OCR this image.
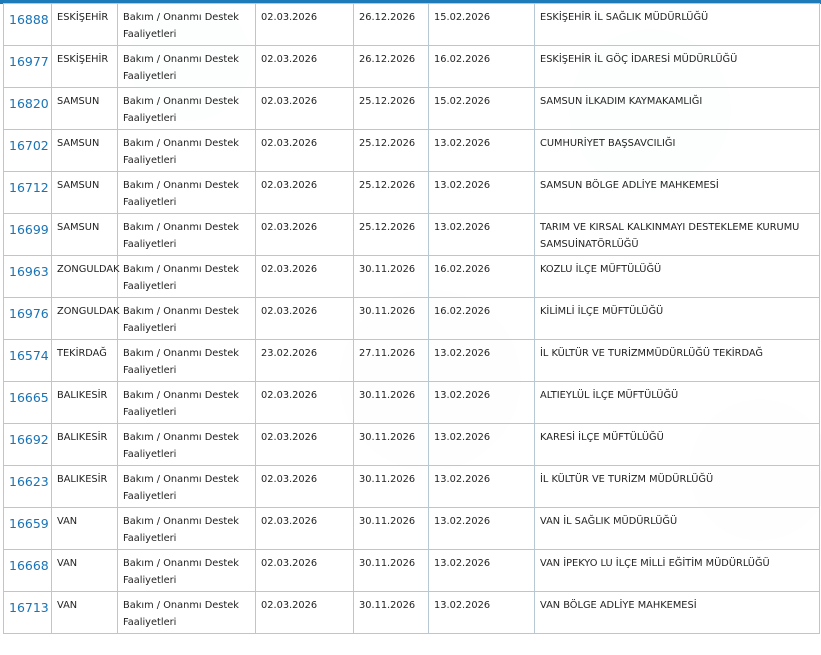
16888	ESKİŞEHİR	Bakım / Onanmı Destek Faaliyetleri	02.03.2026	26.12.2026	15.02.2026	ESKİŞEHİR İL SAĞLIK MÜDÜRLÜĞÜ
16977	ESKİŞEHİR	Bakım / Onanmı Destek Faaliyetleri	02.03.2026	26.12.2026	16.02.2026	ESKİŞEHİR İL GÖÇ İDARESİ MÜDÜRLÜĞÜ
16820	SAMSUN	Bakım / Onanmı Destek Faaliyetleri	02.03.2026	25.12.2026	15.02.2026	SAMSUN İLKADIM KAYMAKAMLIĞI
16702	SAMSUN	Bakım / Onanmı Destek Faaliyetleri	02.03.2026	25.12.2026	13.02.2026	CUMHURİYET BAŞSAVCILIĞI
16712	SAMSUN	Bakım / Onanmı Destek Faaliyetleri	02.03.2026	25.12.2026	13.02.2026	SAMSUN BÖLGE ADLİYE MAHKEMESİ
16699	SAMSUN	Bakım / Onanmı Destek Faaliyetleri	02.03.2026	25.12.2026	13.02.2026	TARIM VE KIRSAL KALKINMAYI DESTEKLEME KURUMU SAMSUİNATÖRLÜĞÜ
16963	ZONGULDAK	Bakım / Onanmı Destek Faaliyetleri	02.03.2026	30.11.2026	16.02.2026	KOZLU İLÇE MÜFTÜLÜĞÜ
16976	ZONGULDAK	Bakım / Onanmı Destek Faaliyetleri	02.03.2026	30.11.2026	16.02.2026	KİLİMLİ İLÇE MÜFTÜLÜĞÜ
16574	TEKİRDAĞ	Bakım / Onanmı Destek Faaliyetleri	23.02.2026	27.11.2026	13.02.2026	İL KÜLTÜR VE TURİZMMÜDÜRLÜĞÜ TEKİRDAĞ
16665	BALIKESİR	Bakım / Onanmı Destek Faaliyetleri	02.03.2026	30.11.2026	13.02.2026	ALTIEYLÜL İLÇE MÜFTÜLÜĞÜ
16692	BALIKESİR	Bakım / Onanmı Destek Faaliyetleri	02.03.2026	30.11.2026	13.02.2026	KARESİ İLÇE MÜFTÜLÜĞÜ
16623	BALIKESİR	Bakım / Onanmı Destek Faaliyetleri	02.03.2026	30.11.2026	13.02.2026	İL KÜLTÜR VE TURİZM MÜDÜRLÜĞÜ
16659	VAN	Bakım / Onanmı Destek Faaliyetleri	02.03.2026	30.11.2026	13.02.2026	VAN İL SAĞLIK MÜDÜRLÜĞÜ
16668	VAN	Bakım / Onanmı Destek Faaliyetleri	02.03.2026	30.11.2026	13.02.2026	VAN İPEKYO LU İLÇE MİLLİ EĞİTİM MÜDÜRLÜĞÜ
16713	VAN	Bakım / Onanmı Destek Faaliyetleri	02.03.2026	30.11.2026	13.02.2026	VAN BÖLGE ADLİYE MAHKEMESİ
